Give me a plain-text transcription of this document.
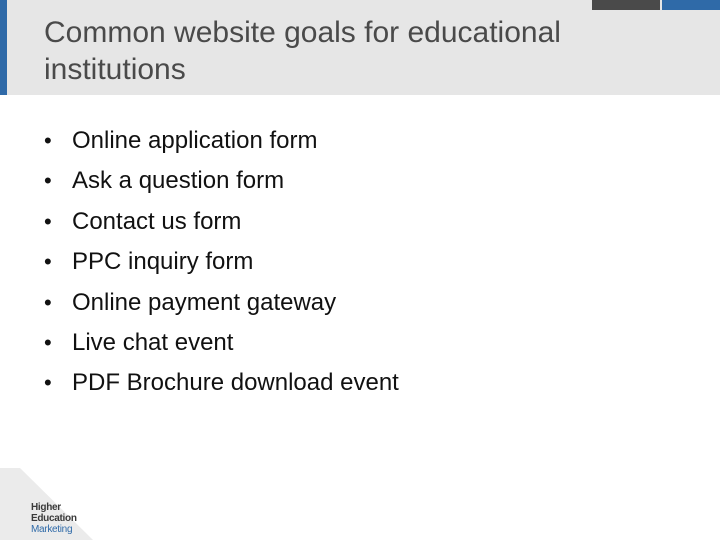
Common website goals for educational institutions
• Online application form
• Ask a question form
• Contact us form
• PPC inquiry form
• Online payment gateway
• Live chat event
• PDF Brochure download event
Higher
Education
Marketing
